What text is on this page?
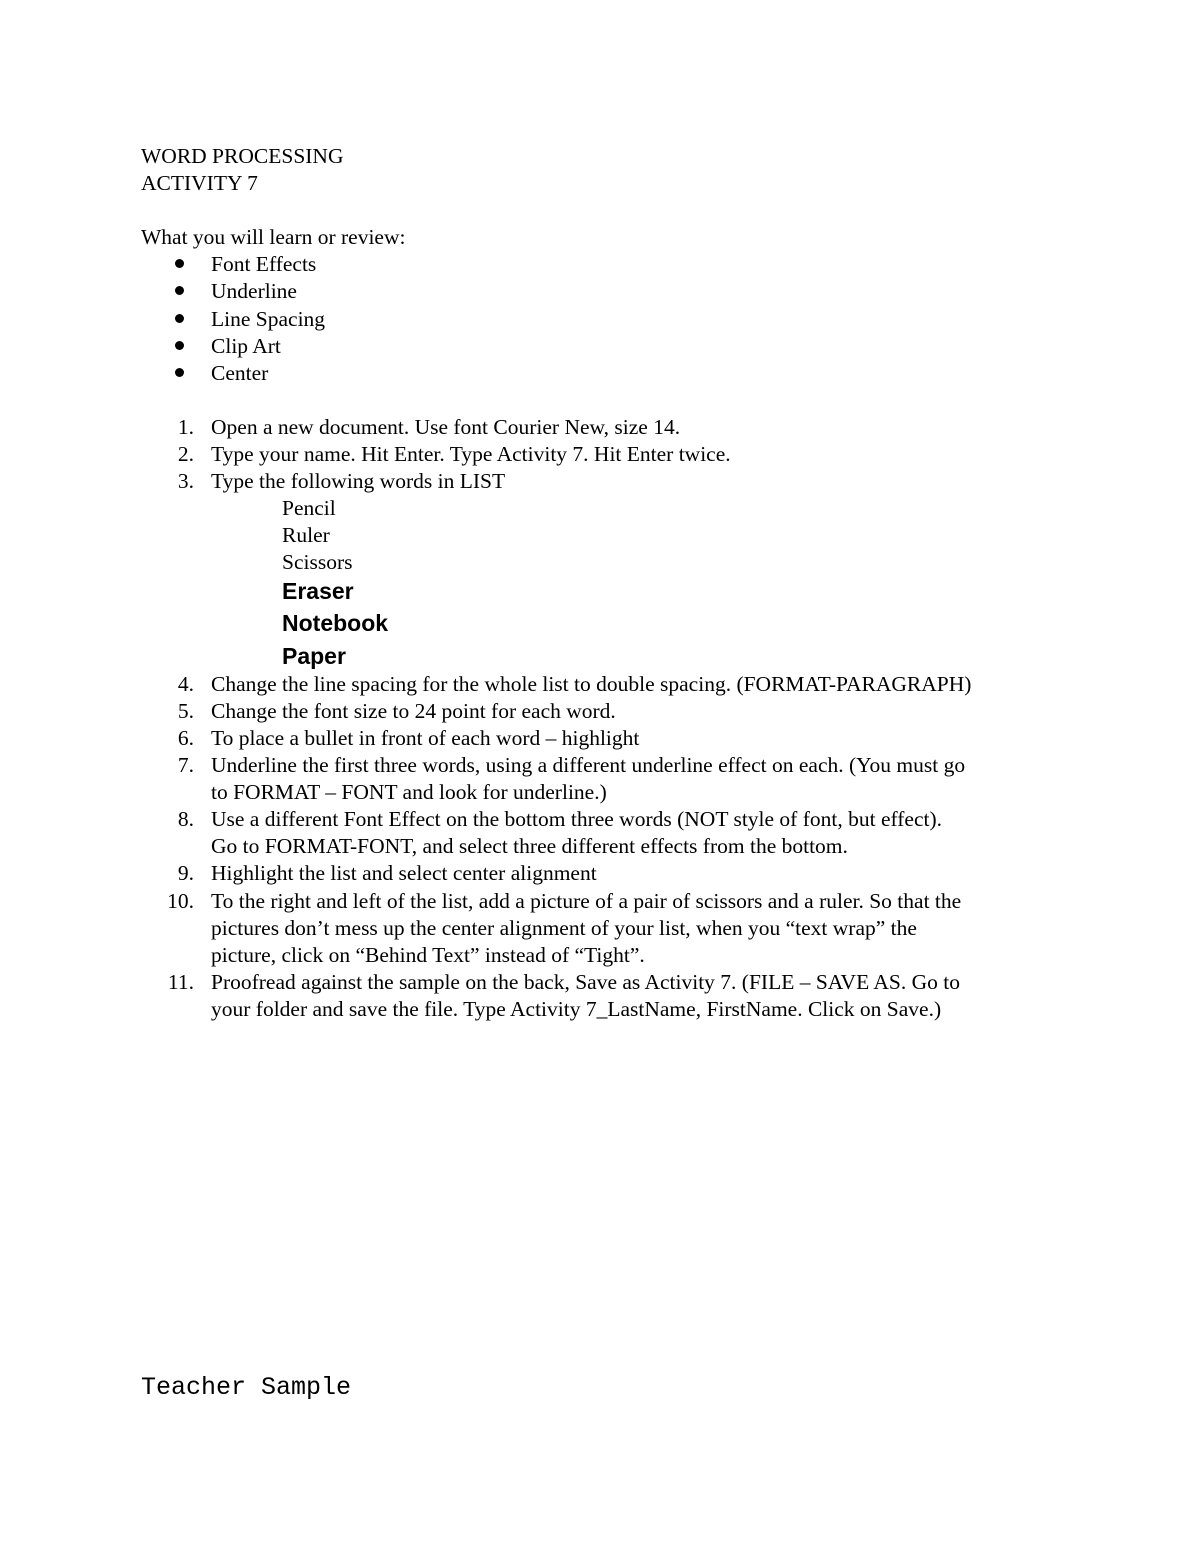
WORD PROCESSING
ACTIVITY 7
What you will learn or review:
Font Effects
Underline
Line Spacing
Clip Art
Center
1. Open a new document. Use font Courier New, size 14.
2. Type your name. Hit Enter. Type Activity 7. Hit Enter twice.
3. Type the following words in LIST
Pencil
Ruler
Scissors
Eraser
Notebook
Paper
4. Change the line spacing for the whole list to double spacing. (FORMAT-PARAGRAPH)
5. Change the font size to 24 point for each word.
6. To place a bullet in front of each word – highlight
7. Underline the first three words, using a different underline effect on each. (You must go
to FORMAT – FONT and look for underline.)
8. Use a different Font Effect on the bottom three words (NOT style of font, but effect).
Go to FORMAT-FONT, and select three different effects from the bottom.
9. Highlight the list and select center alignment
10. To the right and left of the list, add a picture of a pair of scissors and a ruler. So that the
pictures don’t mess up the center alignment of your list, when you “text wrap” the
picture, click on “Behind Text” instead of “Tight”.
11. Proofread against the sample on the back, Save as Activity 7. (FILE – SAVE AS. Go to
your folder and save the file. Type Activity 7_LastName, FirstName. Click on Save.)
Teacher Sample
